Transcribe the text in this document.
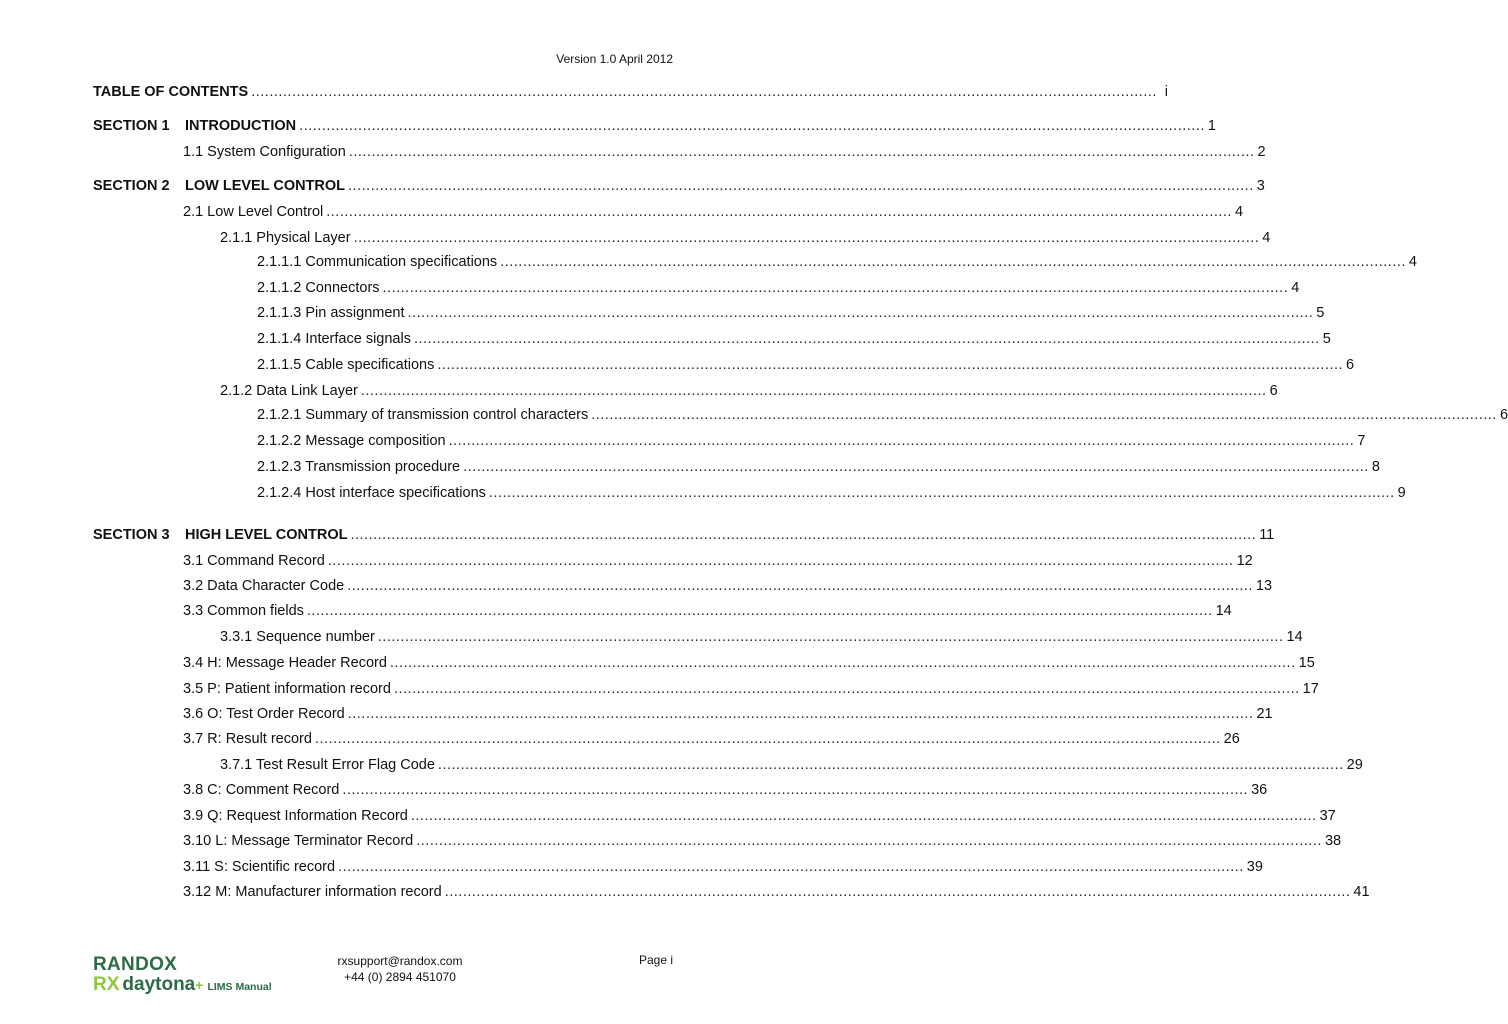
Version 1.0 April 2012
TABLE OF CONTENTS ........................................................................................................................................................................................................ i
SECTION 1 INTRODUCTION ........................................................................................................................................................................................................ 1
1.1 System Configuration ........................................................................................................................................................................................................ 2
SECTION 2 LOW LEVEL CONTROL ........................................................................................................................................................................................................ 3
2.1 Low Level Control ........................................................................................................................................................................................................ 4
2.1.1 Physical Layer ........................................................................................................................................................................................................ 4
2.1.1.1 Communication specifications ........................................................................................................................................................................................................ 4
2.1.1.2 Connectors ........................................................................................................................................................................................................ 4
2.1.1.3 Pin assignment ........................................................................................................................................................................................................ 5
2.1.1.4 Interface signals ........................................................................................................................................................................................................ 5
2.1.1.5 Cable specifications ........................................................................................................................................................................................................ 6
2.1.2 Data Link Layer ........................................................................................................................................................................................................ 6
2.1.2.1 Summary of transmission control characters ........................................................................................................................................................................................................ 6
2.1.2.2 Message composition ........................................................................................................................................................................................................ 7
2.1.2.3 Transmission procedure ........................................................................................................................................................................................................ 8
2.1.2.4 Host interface specifications ........................................................................................................................................................................................................ 9
SECTION 3 HIGH LEVEL CONTROL ........................................................................................................................................................................................................ 11
3.1 Command Record ........................................................................................................................................................................................................ 12
3.2 Data Character Code ........................................................................................................................................................................................................ 13
3.3 Common fields ........................................................................................................................................................................................................ 14
3.3.1 Sequence number ........................................................................................................................................................................................................ 14
3.4 H: Message Header Record ........................................................................................................................................................................................................ 15
3.5 P: Patient information record ........................................................................................................................................................................................................ 17
3.6 O: Test Order Record ........................................................................................................................................................................................................ 21
3.7 R: Result record ........................................................................................................................................................................................................ 26
3.7.1 Test Result Error Flag Code ........................................................................................................................................................................................................ 29
3.8 C: Comment Record ........................................................................................................................................................................................................ 36
3.9 Q: Request Information Record ........................................................................................................................................................................................................ 37
3.10 L: Message Terminator Record ........................................................................................................................................................................................................ 38
3.11 S: Scientific record ........................................................................................................................................................................................................ 39
3.12 M: Manufacturer information record ........................................................................................................................................................................................................ 41
RANDOX
RX daytona + LIMS Manual
rxsupport@randox.com
+44 (0) 2894 451070
Page i
